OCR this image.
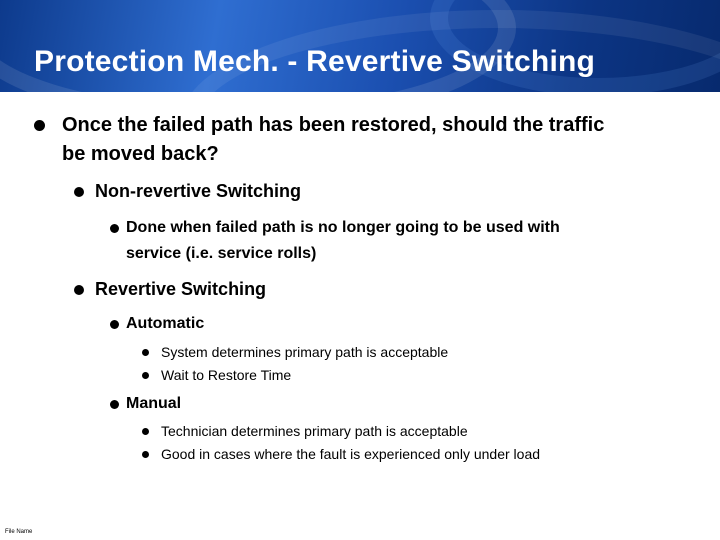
Protection Mech. - Revertive Switching
Once the failed path has been restored, should the traffic
be moved back?
Non-revertive Switching
Done when failed path is no longer going to be used with
service (i.e. service rolls)
Revertive Switching
Automatic
System determines primary path is acceptable
Wait to Restore Time
Manual
Technician determines primary path is acceptable
Good in cases where the fault is experienced only under load
File Name
